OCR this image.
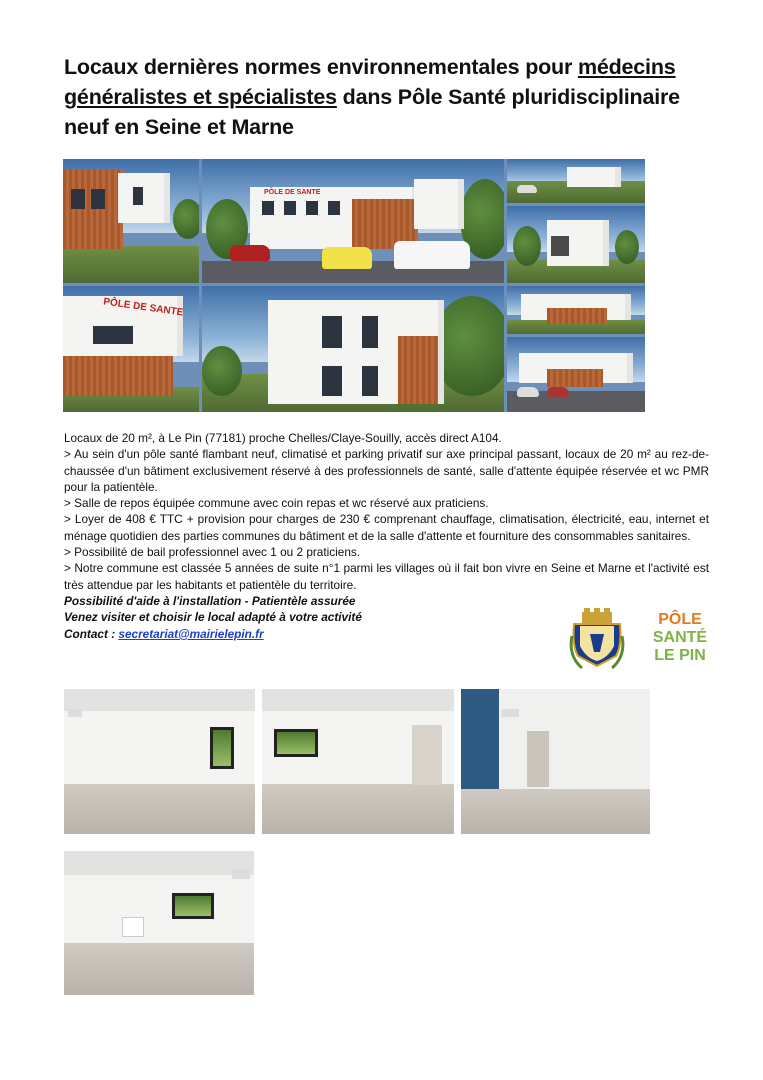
Locaux dernières normes environnementales pour médecins généralistes et spécialistes dans Pôle Santé pluridisciplinaire neuf en Seine et Marne
PÔLE DE SANTE
PÔLE DE SANTE

Locaux de 20 m², à Le Pin (77181) proche Chelles/Claye-Souilly, accès direct A104.

> Au sein d'un pôle santé flambant neuf, climatisé et parking privatif sur axe principal passant, locaux de 20 m² au rez-de-chaussée d'un bâtiment exclusivement réservé à des professionnels de santé, salle d'attente équipée réservée et wc PMR pour la patientèle.

> Salle de repos équipée commune avec coin repas et wc réservé aux praticiens.

> Loyer de 408 € TTC + provision pour charges de 230 € comprenant chauffage, climatisation, électricité, eau, internet et ménage quotidien des parties communes du bâtiment et de la salle d'attente et fourniture des consommables sanitaires.

> Possibilité de bail professionnel avec 1 ou 2 praticiens.

> Notre commune est classée 5 années de suite n°1 parmi les villages où il fait bon vivre en Seine et Marne et l'activité est très attendue par les habitants et patientèle du territoire.

Possibilité d'aide à l'installation - Patientèle assurée

Venez visiter et choisir le local adapté à votre activité

Contact : secretariat@mairielepin.fr

PÔLE
SANTÉ
LE PIN
